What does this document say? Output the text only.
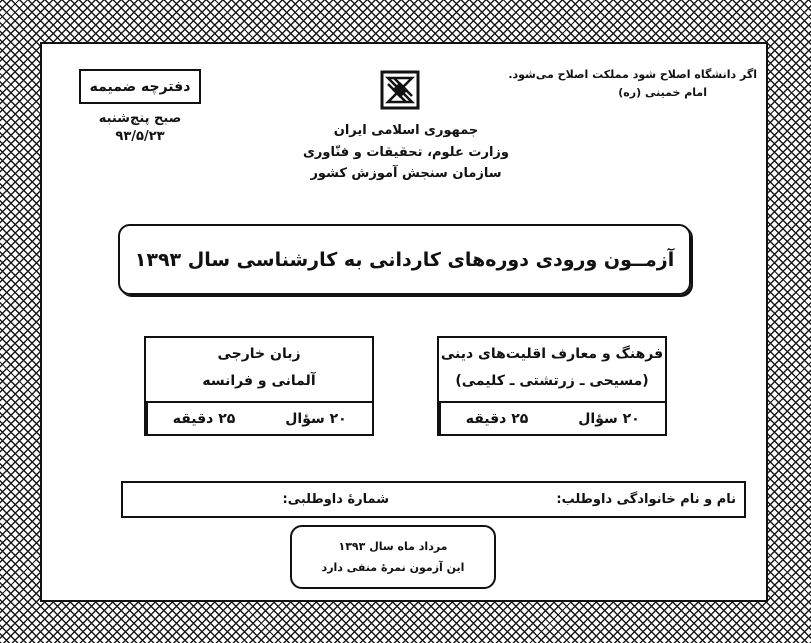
دفترچه ضمیمه
صبح پنج‌شنبه
۹۳/۵/۲۳
اگر دانشگاه اصلاح شود مملکت اصلاح می‌شود.
امام خمینی (ره)
جمهوری اسلامی ایران
وزارت علوم، تحقیقات و فنّاوری
سازمان سنجش آموزش کشور
آزمــون ورودی دوره‌های کاردانی به کارشناسی سال ۱۳۹۳
فرهنگ و معارف اقلیت‌های دینی
(مسیحی ـ زرتشتی ـ کلیمی)
۲۰ سؤال
۲۵ دقیقه
زبان خارجی
آلمانی و فرانسه
۲۰ سؤال
۲۵ دقیقه
نام و نام خانوادگی داوطلب:
شمارهٔ داوطلبی:
مرداد ماه سال ۱۳۹۳
این آزمون نمرهٔ منفی دارد
